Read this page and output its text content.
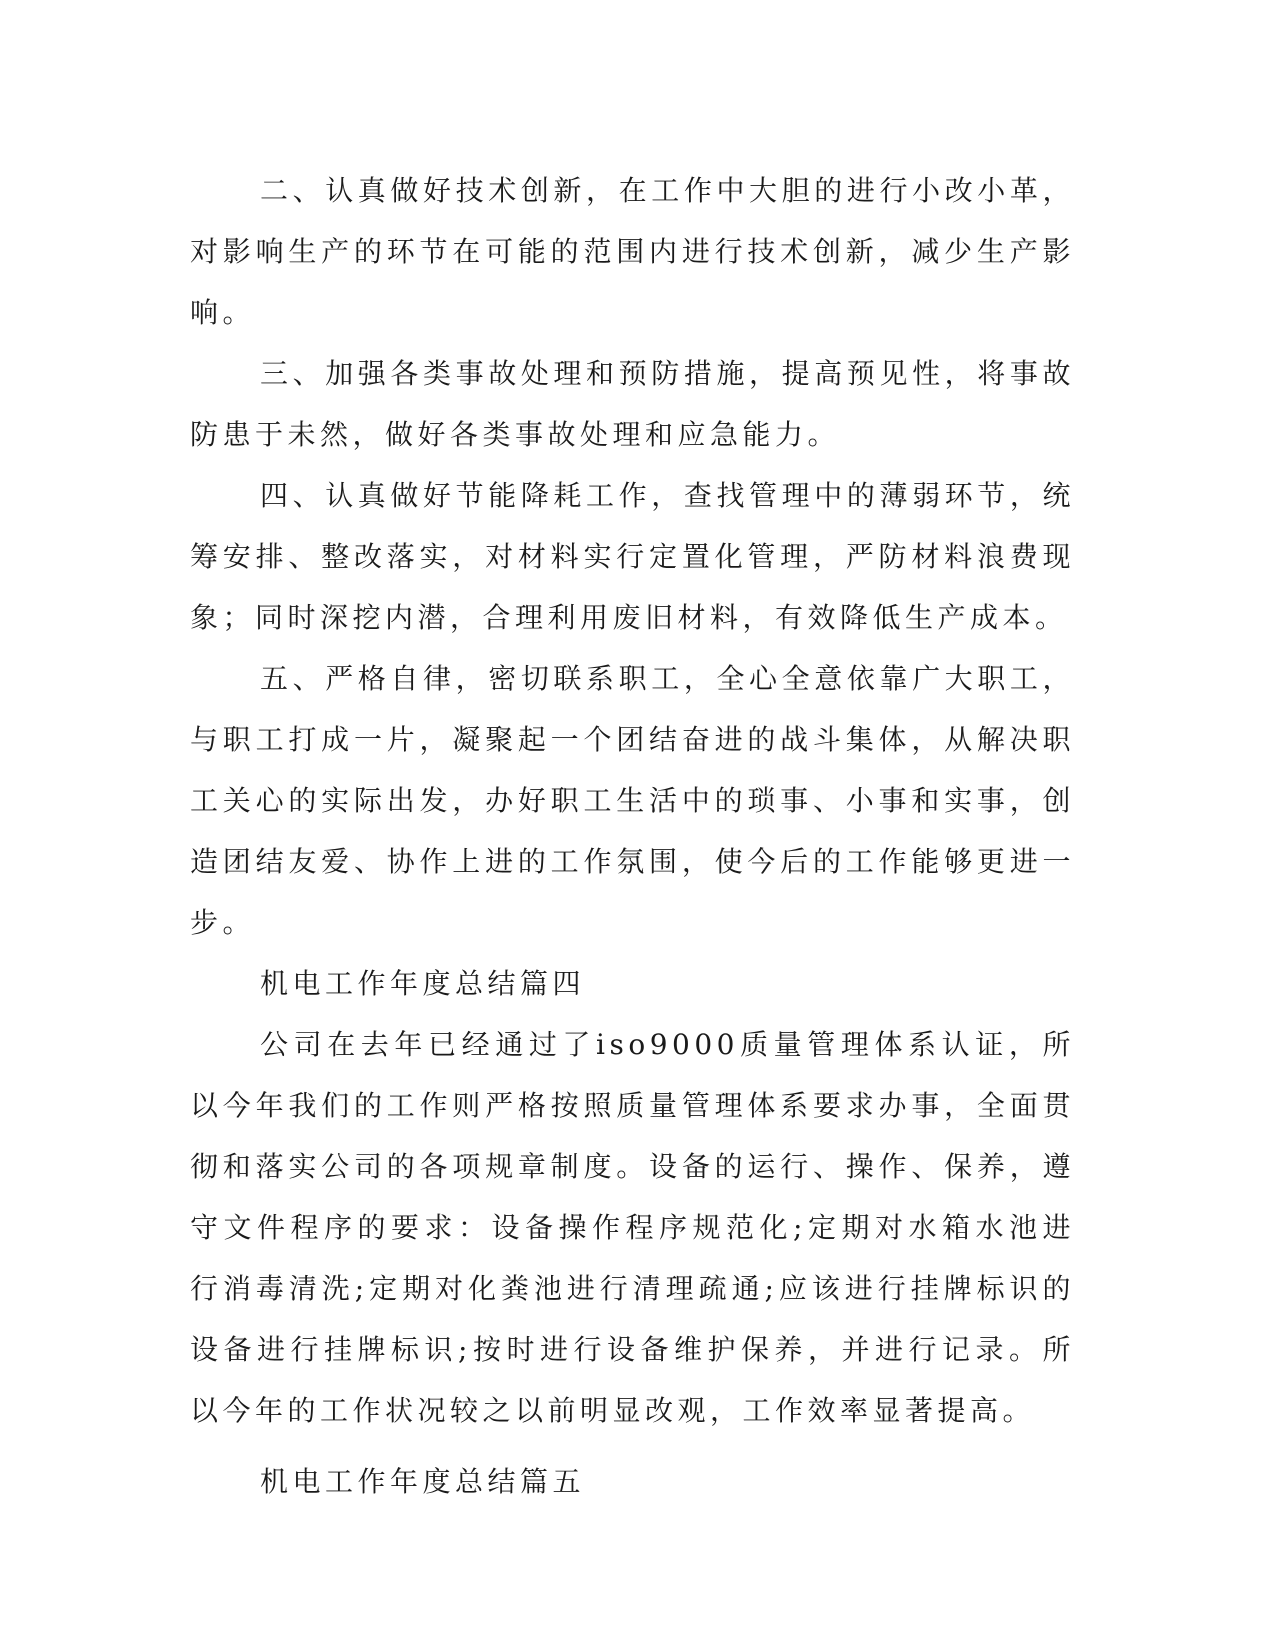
二、认真做好技术创新，在工作中大胆的进行小改小革，对影响生产的环节在可能的范围内进行技术创新，减少生产影响。

三、加强各类事故处理和预防措施，提高预见性，将事故防患于未然，做好各类事故处理和应急能力。

四、认真做好节能降耗工作，查找管理中的薄弱环节，统筹安排、整改落实，对材料实行定置化管理，严防材料浪费现象；同时深挖内潜，合理利用废旧材料，有效降低生产成本。

五、严格自律，密切联系职工，全心全意依靠广大职工，与职工打成一片，凝聚起一个团结奋进的战斗集体，从解决职工关心的实际出发，办好职工生活中的琐事、小事和实事，创造团结友爱、协作上进的工作氛围，使今后的工作能够更进一步。

机电工作年度总结篇四

公司在去年已经通过了iso9000质量管理体系认证，所以今年我们的工作则严格按照质量管理体系要求办事，全面贯彻和落实公司的各项规章制度。设备的运行、操作、保养，遵守文件程序的要求：设备操作程序规范化;定期对水箱水池进行消毒清洗;定期对化粪池进行清理疏通;应该进行挂牌标识的设备进行挂牌标识;按时进行设备维护保养，并进行记录。所以今年的工作状况较之以前明显改观，工作效率显著提高。

机电工作年度总结篇五
